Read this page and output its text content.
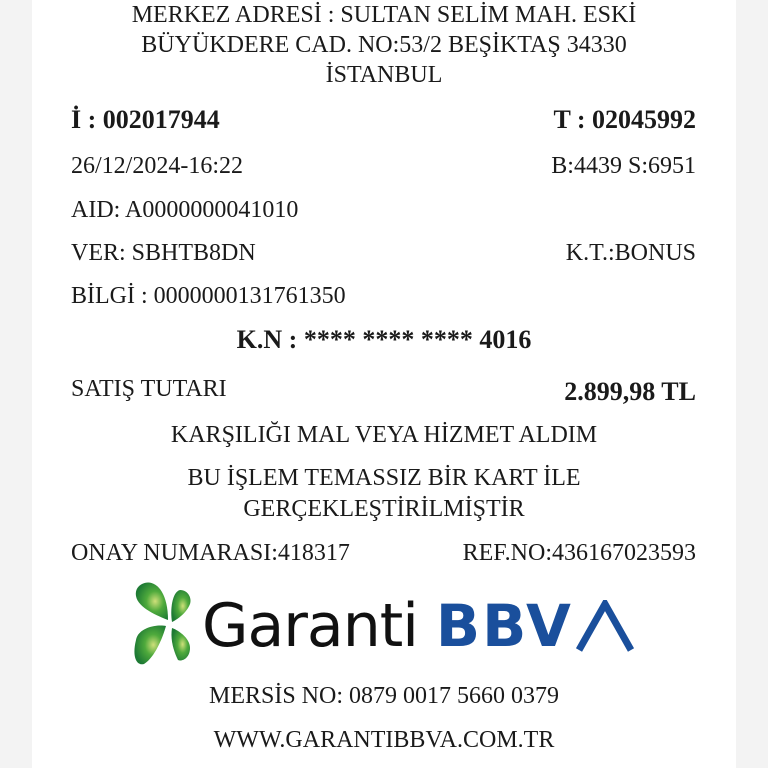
MERKEZ ADRESİ : SULTAN SELİM MAH. ESKİ
BÜYÜKDERE CAD. NO:53/2 BEŞİKTAŞ 34330
İSTANBUL
İ : 002017944	T : 02045992
26/12/2024-16:22	B:4439 S:6951
AID: A0000000041010
VER: SBHTB8DN	K.T.:BONUS
BİLGİ : 0000000131761350
K.N : **** **** **** 4016
SATIŞ TUTARI	2.899,98 TL
KARŞILIĞI MAL VEYA HİZMET ALDIM
BU İŞLEM TEMASSIZ BİR KART İLE
GERÇEKLEŞTİRİLMİŞTİR
ONAY NUMARASI:418317	REF.NO:436167023593
Garanti BBV
MERSİS NO: 0879 0017 5660 0379
WWW.GARANTIBBVA.COM.TR
